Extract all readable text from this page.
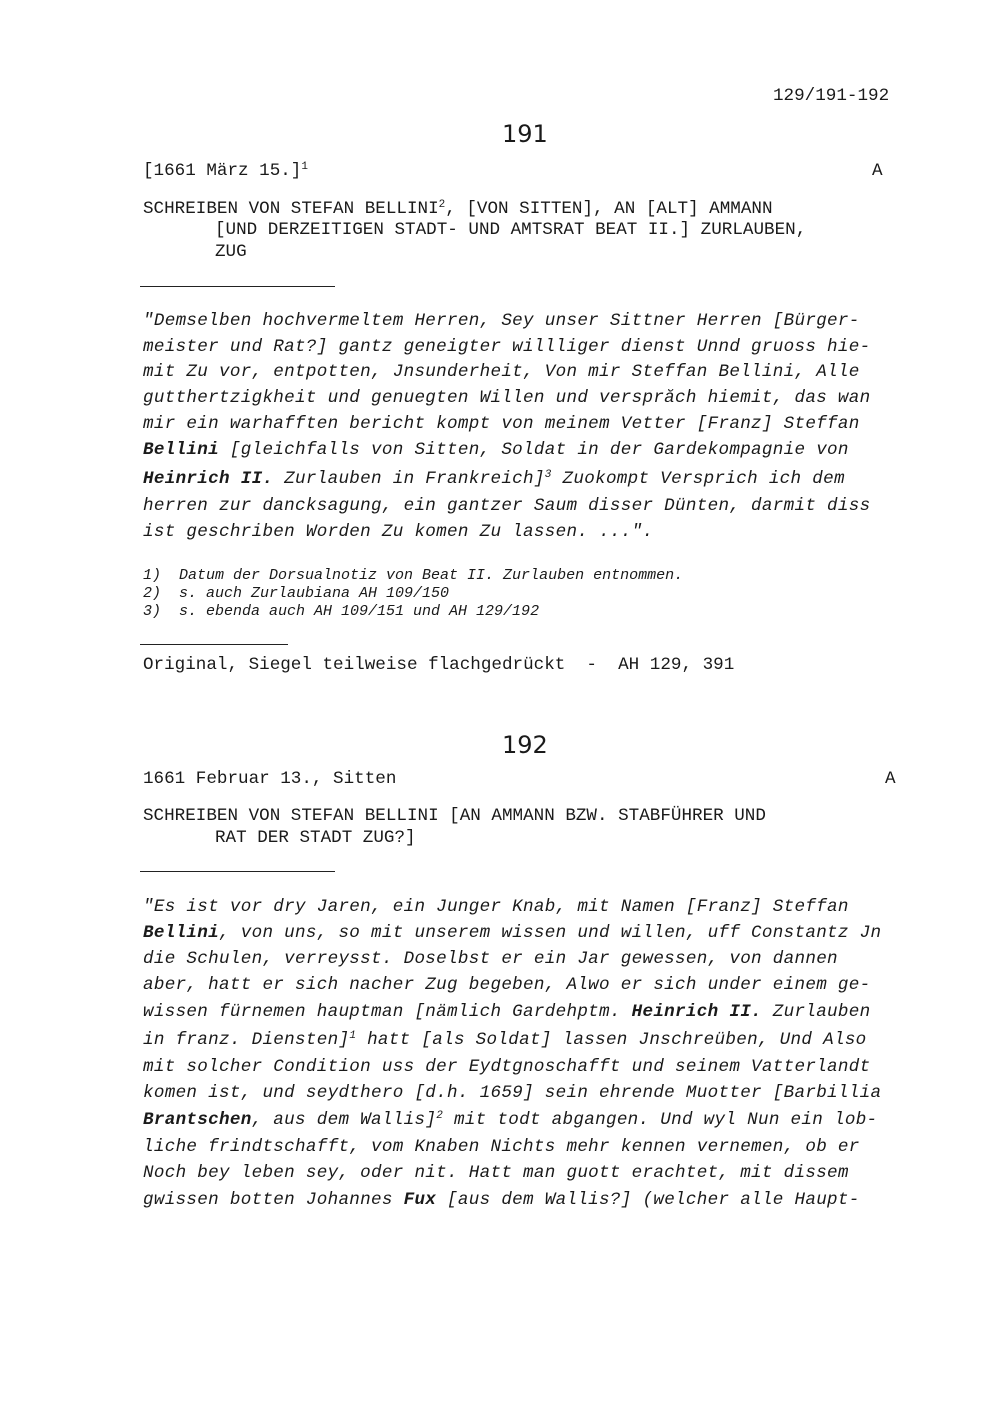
129/191-192
191
[1661 März 15.]$^1$	A
SCHREIBEN VON STEFAN BELLINI$^2$, [VON SITTEN], AN [ALT] AMMANN
[UND DERZEITIGEN STADT- UND AMTSRAT BEAT II.] ZURLAUBEN,
ZUG
"Demselben hochvermeltem Herren, Sey unser Sittner Herren [Bürger-
meister und Rat?] gantz geneigter willliger dienst Unnd gruoss hie-
mit Zu vor, entpotten, Jnsunderheit, Von mir Steffan Bellini, Alle
gutthertzigkheit und genuegten Willen und versprăch hiemit, das wan
mir ein warhafften bericht kompt von meinem Vetter [Franz] Steffan
Bellini [gleichfalls von Sitten, Soldat in der Gardekompagnie von
Heinrich II. Zurlauben in Frankreich]$^3$ Zuokompt Versprich ich dem
herren zur dancksagung, ein gantzer Saum disser Dünten, darmit diss
ist geschriben Worden Zu komen Zu lassen. ...".
1)  Datum der Dorsualnotiz von Beat II. Zurlauben entnommen.
2)  s. auch Zurlaubiana AH 109/150
3)  s. ebenda auch AH 109/151 und AH 129/192
Original, Siegel teilweise flachgedrückt  -  AH 129, 391
192
1661 Februar 13., Sitten	A
SCHREIBEN VON STEFAN BELLINI [AN AMMANN BZW. STABFÜHRER UND
RAT DER STADT ZUG?]
"Es ist vor dry Jaren, ein Junger Knab, mit Namen [Franz] Steffan
Bellini, von uns, so mit unserem wissen und willen, uff Constantz Jn
die Schulen, verreysst. Doselbst er ein Jar gewessen, von dannen
aber, hatt er sich nacher Zug begeben, Alwo er sich under einem ge-
wissen fürnemen hauptman [nämlich Gardehptm. Heinrich II. Zurlauben
in franz. Diensten]$^1$ hatt [als Soldat] lassen Jnschreüben, Und Also
mit solcher Condition uss der Eydtgnoschafft und seinem Vatterlandt
komen ist, und seydthero [d.h. 1659] sein ehrende Muotter [Barbillia
Brantschen, aus dem Wallis]$^2$ mit todt abgangen. Und wyl Nun ein lob-
liche frindtschafft, vom Knaben Nichts mehr kennen vernemen, ob er
Noch bey leben sey, oder nit. Hatt man guott erachtet, mit dissem
gwissen botten Johannes Fux [aus dem Wallis?] (welcher alle Haupt-
